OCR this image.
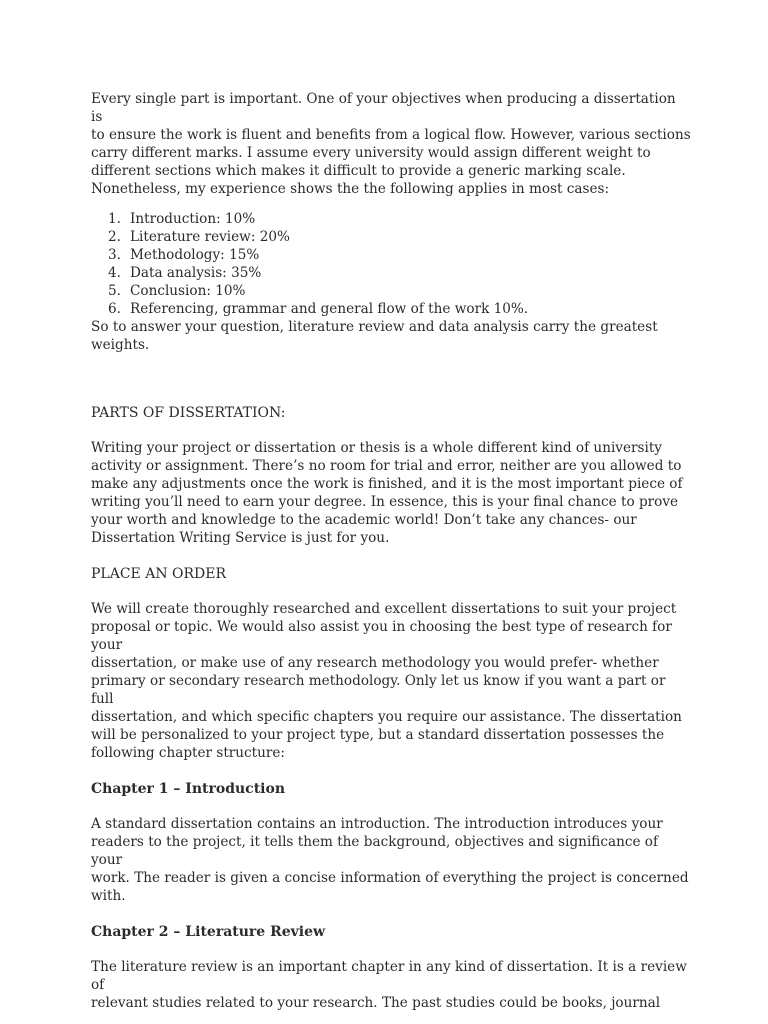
Every single part is important. One of your objectives when producing a dissertation is
to ensure the work is fluent and benefits from a logical flow. However, various sections
carry different marks. I assume every university would assign different weight to
different sections which makes it difficult to provide a generic marking scale.
Nonetheless, my experience shows the the following applies in most cases:

1. Introduction: 10%
2. Literature review: 20%
3. Methodology: 15%
4. Data analysis: 35%
5. Conclusion: 10%
6. Referencing, grammar and general flow of the work 10%.

So to answer your question, literature review and data analysis carry the greatest
weights.

PARTS OF DISSERTATION:

Writing your project or dissertation or thesis is a whole different kind of university
activity or assignment. There’s no room for trial and error, neither are you allowed to
make any adjustments once the work is finished, and it is the most important piece of
writing you’ll need to earn your degree. In essence, this is your final chance to prove
your worth and knowledge to the academic world! Don’t take any chances- our
Dissertation Writing Service is just for you.

PLACE AN ORDER

We will create thoroughly researched and excellent dissertations to suit your project
proposal or topic. We would also assist you in choosing the best type of research for your
dissertation, or make use of any research methodology you would prefer- whether
primary or secondary research methodology. Only let us know if you want a part or full
dissertation, and which specific chapters you require our assistance. The dissertation
will be personalized to your project type, but a standard dissertation possesses the
following chapter structure:

Chapter 1 – Introduction

A standard dissertation contains an introduction. The introduction introduces your
readers to the project, it tells them the background, objectives and significance of your
work. The reader is given a concise information of everything the project is concerned
with.

Chapter 2 – Literature Review

The literature review is an important chapter in any kind of dissertation. It is a review of
relevant studies related to your research. The past studies could be books, journal
